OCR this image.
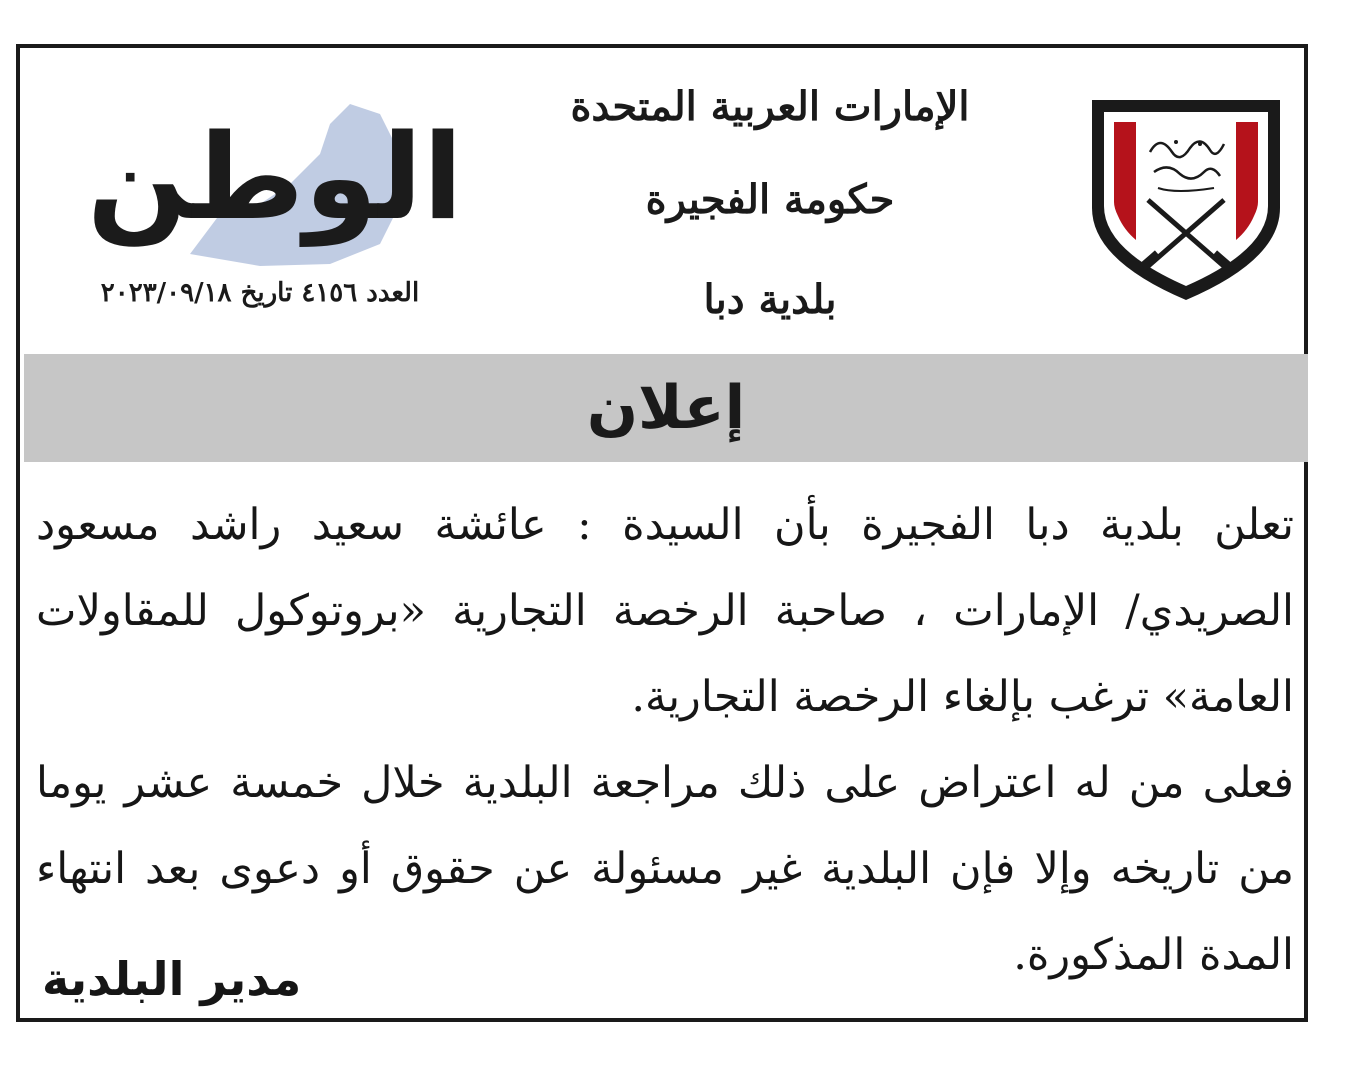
الإمارات العربية المتحدة
حكومة الفجيرة
بلدية دبا
الوطن
العدد ٤١٥٦ تاريخ ٢٠٢٣/٠٩/١٨
إعلان

تعلن بلدية دبا الفجيرة بأن السيدة : عائشة سعيد راشد مسعود الصريدي/ الإمارات ، صاحبة الرخصة التجارية «بروتوكول للمقاولات العامة» ترغب بإلغاء الرخصة التجارية.

فعلى من له اعتراض على ذلك مراجعة البلدية خلال خمسة عشر يوما من تاريخه وإلا فإن البلدية غير مسئولة عن حقوق أو دعوى بعد انتهاء المدة المذكورة.

مدير البلدية
